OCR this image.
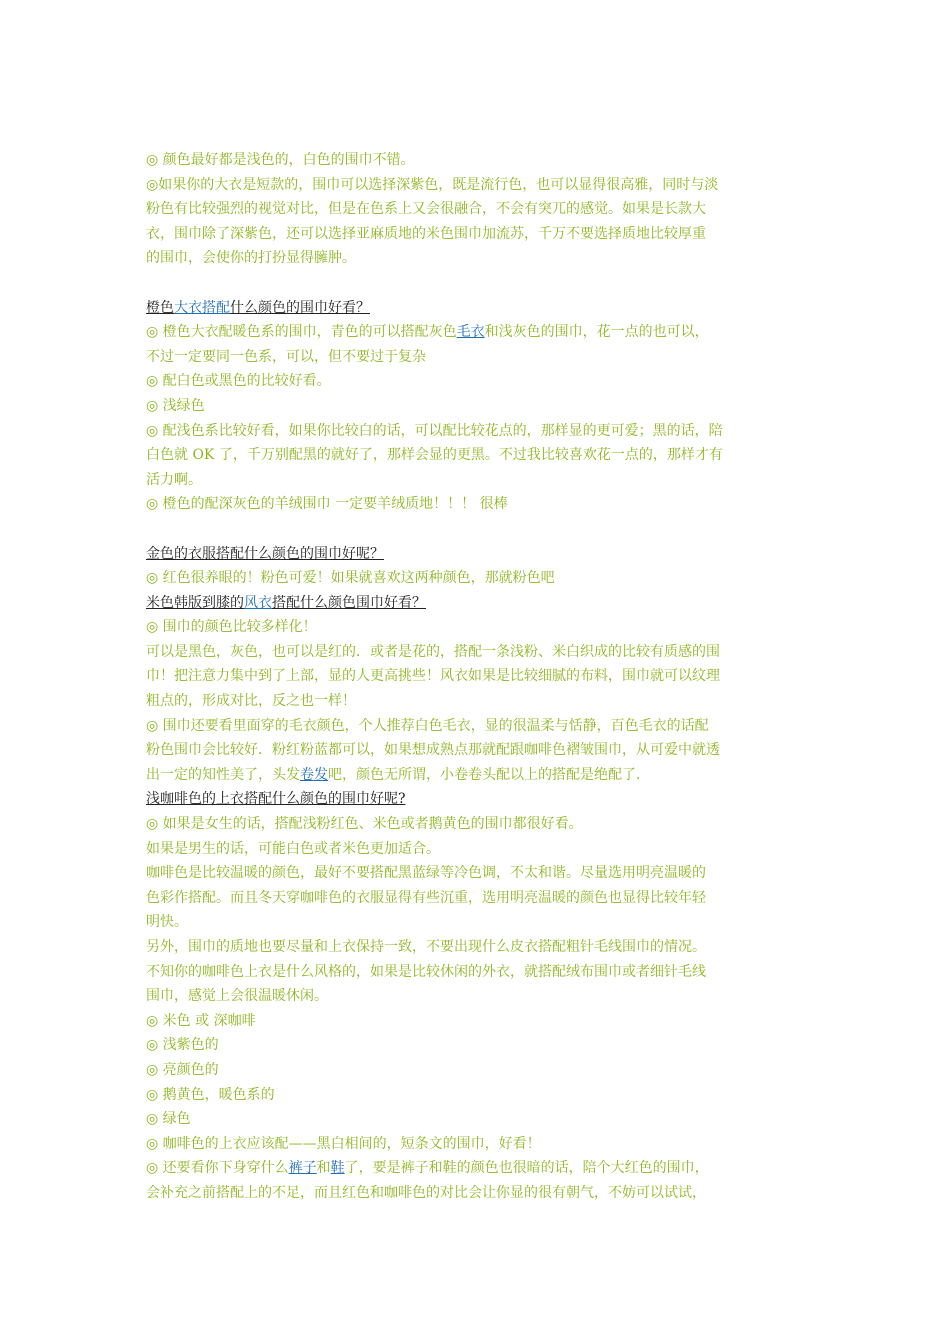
◎ 颜色最好都是浅色的，白色的围巾不错。
◎如果你的大衣是短款的，围巾可以选择深紫色，既是流行色，也可以显得很高雅，同时与淡
粉色有比较强烈的视觉对比，但是在色系上又会很融合，不会有突兀的感觉。如果是长款大
衣，围巾除了深紫色，还可以选择亚麻质地的米色围巾加流苏，千万不要选择质地比较厚重
的围巾，会使你的打扮显得臃肿。
橙色大衣搭配什么颜色的围巾好看？
◎ 橙色大衣配暖色系的围巾，青色的可以搭配灰色毛衣和浅灰色的围巾，花一点的也可以，
不过一定要同一色系，可以，但不要过于复杂
◎ 配白色或黑色的比较好看。
◎ 浅绿色
◎ 配浅色系比较好看，如果你比较白的话，可以配比较花点的，那样显的更可爱；黑的话，陪
白色就 OK 了，千万别配黑的就好了，那样会显的更黑。不过我比较喜欢花一点的，那样才有
活力啊。
◎ 橙色的配深灰色的羊绒围巾 一定要羊绒质地！！！ 很棒
金色的衣服搭配什么颜色的围巾好呢？
◎ 红色很养眼的！粉色可爱！如果就喜欢这两种颜色，那就粉色吧
米色韩版到膝的风衣搭配什么颜色围巾好看？
◎ 围巾的颜色比较多样化！
可以是黑色，灰色，也可以是红的．或者是花的，搭配一条浅粉、米白织成的比较有质感的围
巾！把注意力集中到了上部，显的人更高挑些！风衣如果是比较细腻的布料，围巾就可以纹理
粗点的，形成对比，反之也一样！
◎ 围巾还要看里面穿的毛衣颜色，个人推荐白色毛衣，显的很温柔与恬静，百色毛衣的话配
粉色围巾会比较好．粉红粉蓝都可以，如果想成熟点那就配跟咖啡色褶皱围巾，从可爱中就透
出一定的知性美了，头发卷发吧，颜色无所谓，小卷卷头配以上的搭配是绝配了．
浅咖啡色的上衣搭配什么颜色的围巾好呢?
◎ 如果是女生的话，搭配浅粉红色、米色或者鹅黄色的围巾都很好看。
如果是男生的话，可能白色或者米色更加适合。
咖啡色是比较温暖的颜色，最好不要搭配黑蓝绿等冷色调，不太和谐。尽量选用明亮温暖的
色彩作搭配。而且冬天穿咖啡色的衣服显得有些沉重，选用明亮温暖的颜色也显得比较年轻
明快。
另外，围巾的质地也要尽量和上衣保持一致，不要出现什么皮衣搭配粗针毛线围巾的情况。
不知你的咖啡色上衣是什么风格的，如果是比较休闲的外衣，就搭配绒布围巾或者细针毛线
围巾，感觉上会很温暖休闲。
◎ 米色 或 深咖啡
◎ 浅紫色的
◎ 亮颜色的
◎ 鹅黄色，暖色系的
◎ 绿色
◎ 咖啡色的上衣应该配——黑白相间的，短条文的围巾，好看！
◎ 还要看你下身穿什么裤子和鞋了，要是裤子和鞋的颜色也很暗的话，陪个大红色的围巾，
会补充之前搭配上的不足，而且红色和咖啡色的对比会让你显的很有朝气，不妨可以试试，
